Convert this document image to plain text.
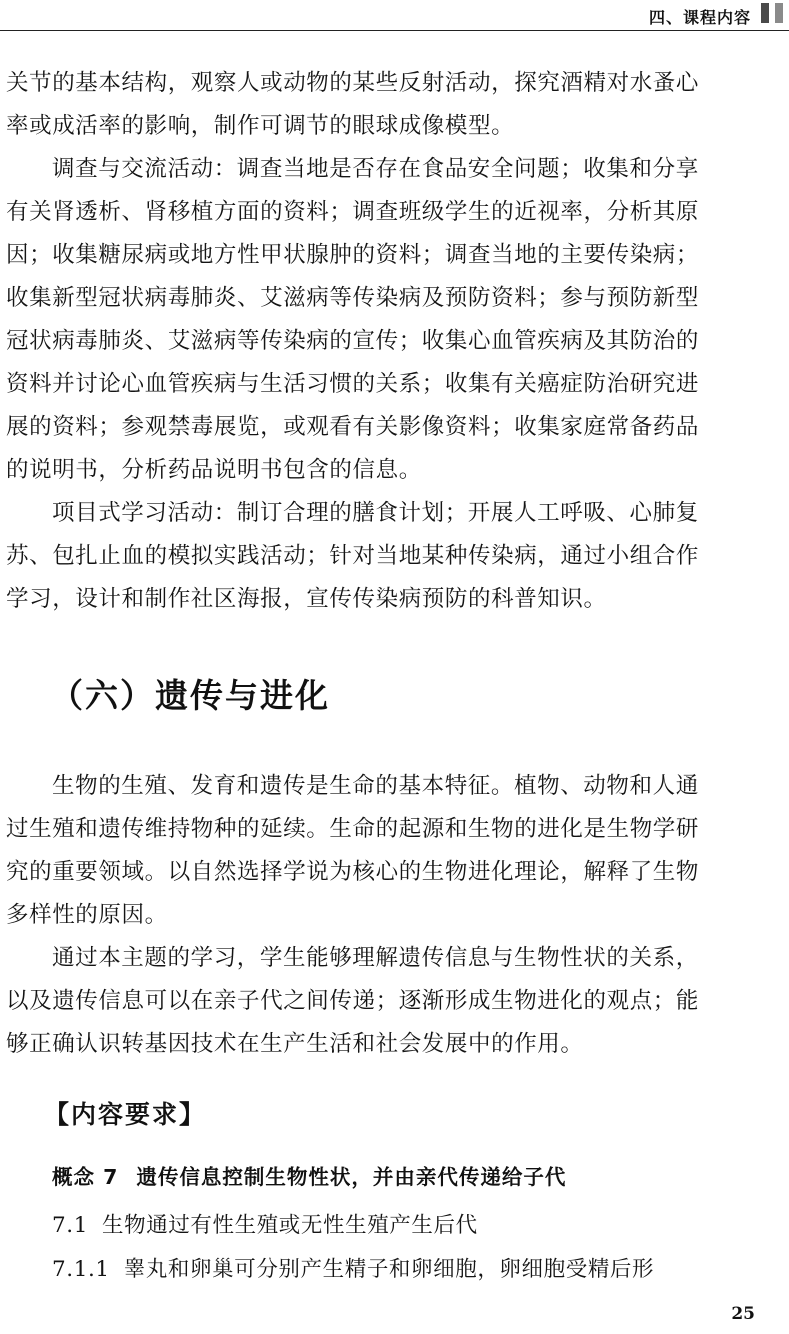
四、课程内容

关节的基本结构，观察人或动物的某些反射活动，探究酒精对水蚤心
率或成活率的影响，制作可调节的眼球成像模型。

调查与交流活动：调查当地是否存在食品安全问题；收集和分享
有关肾透析、肾移植方面的资料；调查班级学生的近视率，分析其原
因；收集糖尿病或地方性甲状腺肿的资料；调查当地的主要传染病；
收集新型冠状病毒肺炎、艾滋病等传染病及预防资料；参与预防新型
冠状病毒肺炎、艾滋病等传染病的宣传；收集心血管疾病及其防治的
资料并讨论心血管疾病与生活习惯的关系；收集有关癌症防治研究进
展的资料；参观禁毒展览，或观看有关影像资料；收集家庭常备药品
的说明书，分析药品说明书包含的信息。

项目式学习活动：制订合理的膳食计划；开展人工呼吸、心肺复
苏、包扎止血的模拟实践活动；针对当地某种传染病，通过小组合作
学习，设计和制作社区海报，宣传传染病预防的科普知识。

（六）遗传与进化

生物的生殖、发育和遗传是生命的基本特征。植物、动物和人通
过生殖和遗传维持物种的延续。生命的起源和生物的进化是生物学研
究的重要领域。以自然选择学说为核心的生物进化理论，解释了生物
多样性的原因。

通过本主题的学习，学生能够理解遗传信息与生物性状的关系，
以及遗传信息可以在亲子代之间传递；逐渐形成生物进化的观点；能
够正确认识转基因技术在生产生活和社会发展中的作用。

【内容要求】

概念 7 遗传信息控制生物性状，并由亲代传递给子代

7.1 生物通过有性生殖或无性生殖产生后代

7.1.1 睾丸和卵巢可分别产生精子和卵细胞，卵细胞受精后形

25
